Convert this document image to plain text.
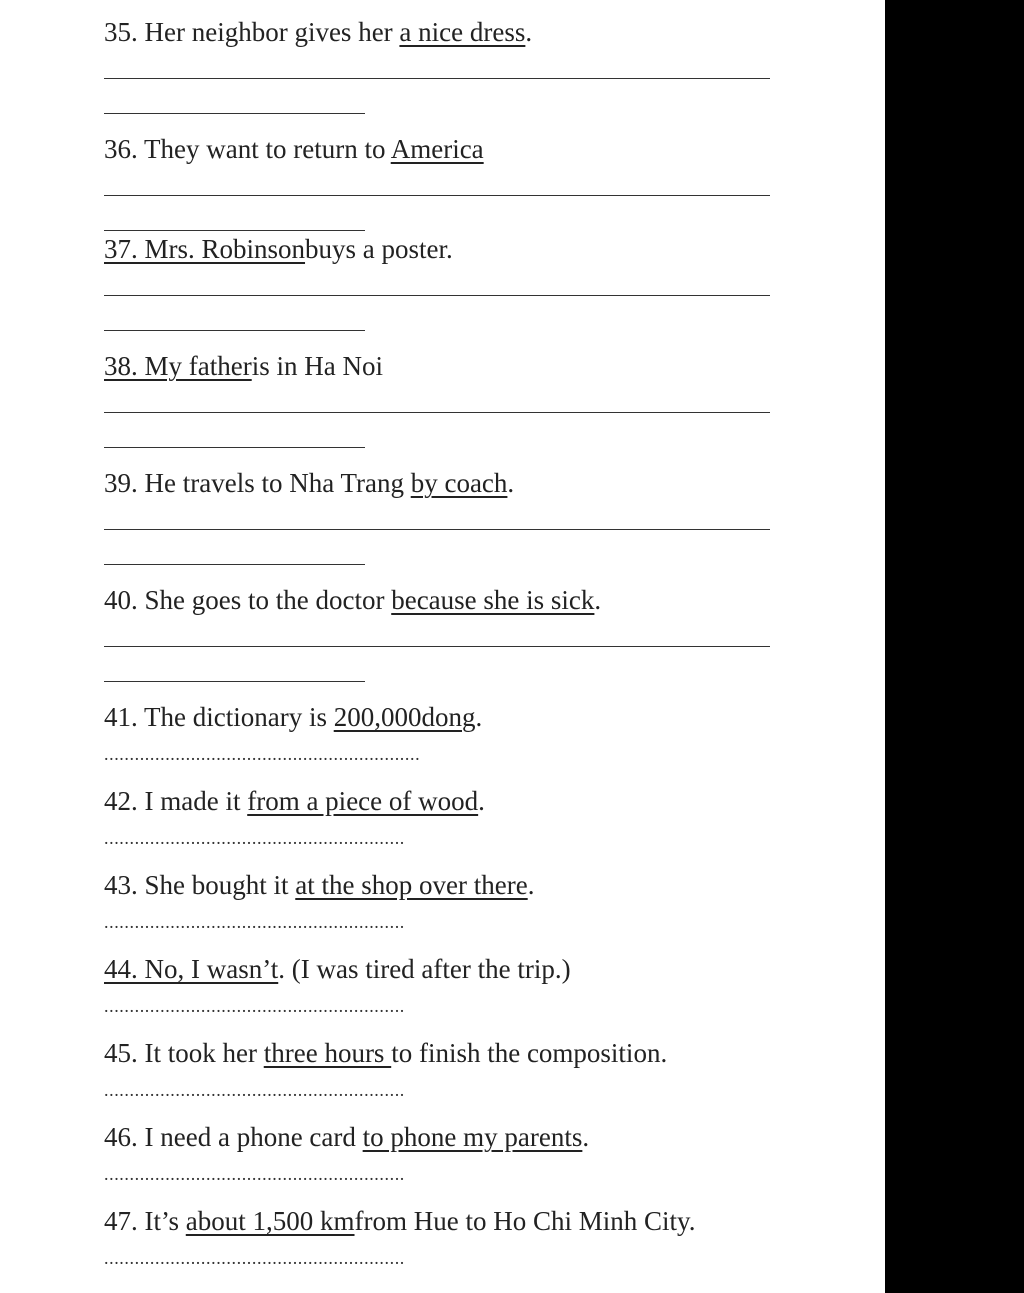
35. Her neighbor gives her a nice dress.
36. They want to return to America
37. Mrs. Robinsonbuys a poster.
38. My fatheris in Ha Noi
39. He travels to Nha Trang by coach.
40. She goes to the doctor because she is sick.
41. The dictionary is 200,000dong.
..............................................................
42. I made it from a piece of wood.
...........................................................
43. She bought it at the shop over there.
...........................................................
44. No, I wasn’t. (I was tired after the trip.)
...........................................................
45. It took her three hours to finish the composition.
...........................................................
46. I need a phone card to phone my parents.
...........................................................
47. It’s about 1,500 kmfrom Hue to Ho Chi Minh City.
...........................................................
